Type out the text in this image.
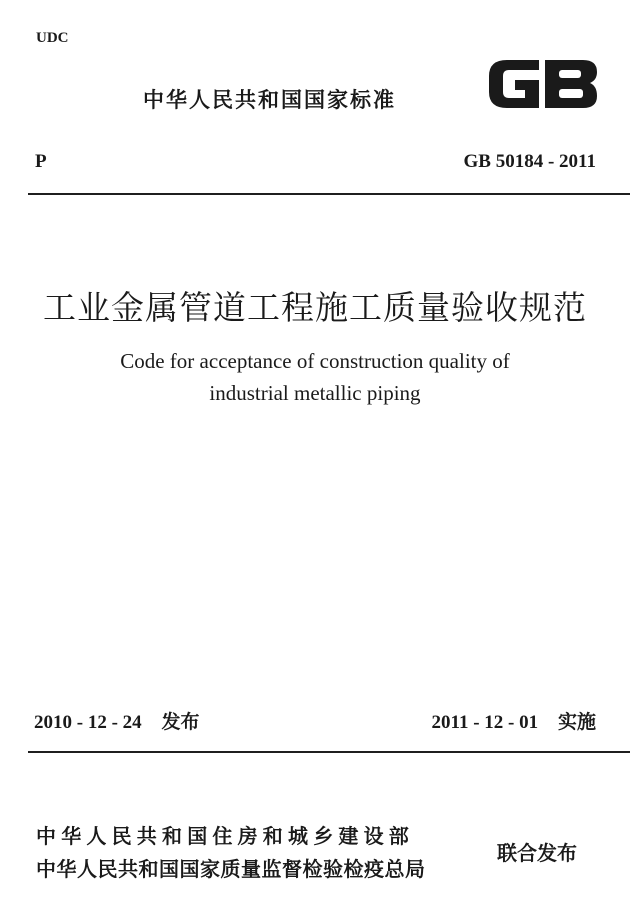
UDC
中华人民共和国国家标准
P	GB 50184 - 2011
工业金属管道工程施工质量验收规范
Code for acceptance of construction quality of
industrial metallic piping
2010 - 12 - 24 发布	2011 - 12 - 01 实施
中华人民共和国住房和城乡建设部
中华人民共和国国家质量监督检验检疫总局
联合发布
